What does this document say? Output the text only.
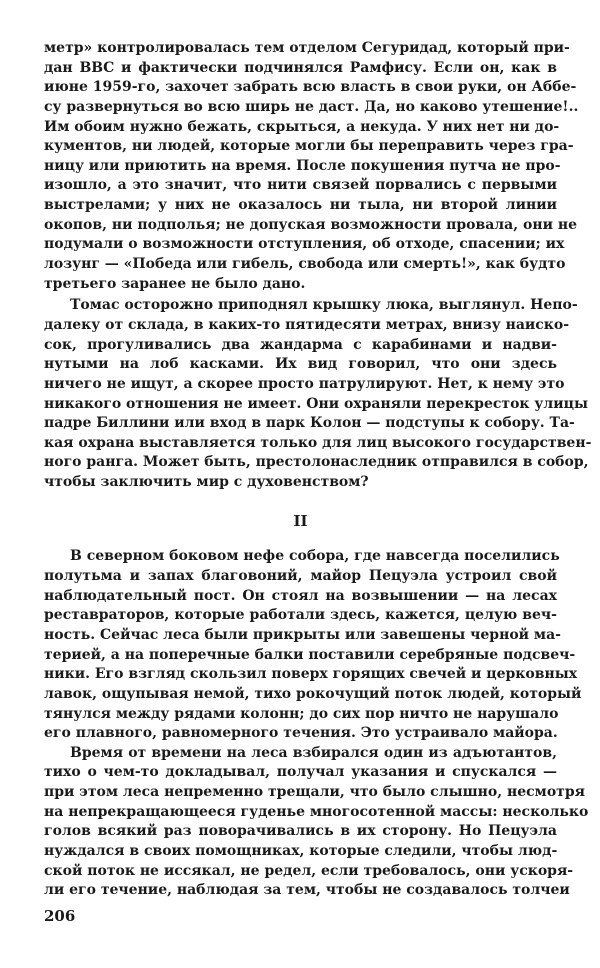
метр» контролировалась тем отделом Сегуридад, который при-
дан ВВС и фактически подчинялся Рамфису. Если он, как в
июне 1959-го, захочет забрать всю власть в свои руки, он Аббе-
су развернуться во всю ширь не даст. Да, но каково утешение!..
Им обоим нужно бежать, скрыться, а некуда. У них нет ни до-
кументов, ни людей, которые могли бы переправить через гра-
ницу или приютить на время. После покушения путча не про-
изошло, а это значит, что нити связей порвались с первыми
выстрелами; у них не оказалось ни тыла, ни второй линии
окопов, ни подполья; не допуская возможности провала, они не
подумали о возможности отступления, об отходе, спасении; их
лозунг — «Победа или гибель, свобода или смерть!», как будто
третьего заранее не было дано.
Томас осторожно приподнял крышку люка, выглянул. Непо-
далеку от склада, в каких-то пятидесяти метрах, внизу наиско-
сок, прогуливались два жандарма с карабинами и надви-
нутыми на лоб касками. Их вид говорил, что они здесь
ничего не ищут, а скорее просто патрулируют. Нет, к нему это
никакого отношения не имеет. Они охраняли перекресток улицы
падре Биллини или вход в парк Колон — подступы к собору. Та-
кая охрана выставляется только для лиц высокого государствен-
ного ранга. Может быть, престолонаследник отправился в собор,
чтобы заключить мир с духовенством?
II
В северном боковом нефе собора, где навсегда поселились
полутьма и запах благовоний, майор Пецуэла устроил свой
наблюдательный пост. Он стоял на возвышении — на лесах
реставраторов, которые работали здесь, кажется, целую веч-
ность. Сейчас леса были прикрыты или завешены черной ма-
терией, а на поперечные балки поставили серебряные подсвеч-
ники. Его взгляд скользил поверх горящих свечей и церковных
лавок, ощупывая немой, тихо рокочущий поток людей, который
тянулся между рядами колонн; до сих пор ничто не нарушало
его плавного, равномерного течения. Это устраивало майора.
Время от времени на леса взбирался один из адъютантов,
тихо о чем-то докладывал, получал указания и спускался —
при этом леса непременно трещали, что было слышно, несмотря
на непрекращающееся гуденье многосотенной массы: несколько
голов всякий раз поворачивались в их сторону. Но Пецуэла
нуждался в своих помощниках, которые следили, чтобы люд-
ской поток не иссякал, не редел, если требовалось, они ускоря-
ли его течение, наблюдая за тем, чтобы не создавалось толчеи
206
